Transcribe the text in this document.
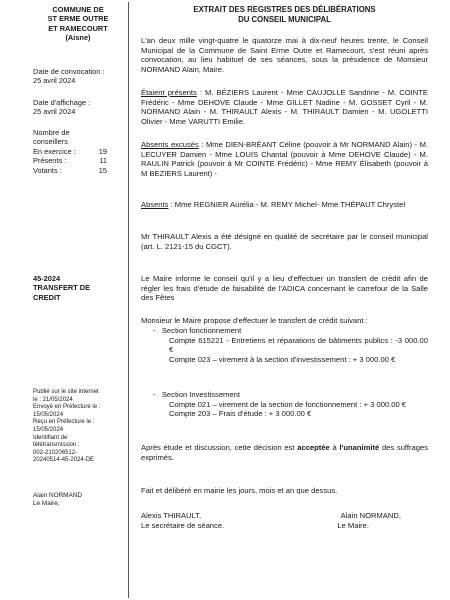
COMMUNE DE
ST ERME OUTRE
ET RAMECOURT
(Aisne)
Date de convocation :
25 avril 2024
Date d'affichage :
25 avril 2024
Nombre de
conseillers
En exercice :	19
Présents :	11
Votants :	15
45-2024
TRANSFERT DE
CREDIT
Publié sur le site internet
le : 21/05/2024
Envoyé en Préfecture le :
15/05/2024
Reçu en Préfecture le :
15/05/2024
Identifiant de
télétransmission :
002-210206512-
20240514-45-2024-DE
Alain NORMAND
Le Maire,
EXTRAIT DES REGISTRES DES DÉLIBÉRATIONS
DU CONSEIL MUNICIPAL

L'an deux mille vingt-quatre le quatorze mai à dix-neuf heures trente, le Conseil Municipal de la Commune de Saint Erme Outre et Ramecourt, s'est réuni après convocation, au lieu habituel de ses séances, sous la présidence de Monsieur NORMAND Alain, Maire.

Étaient présents : M. BÉZIERS Laurent - Mme CAUJOLLE Sandrine - M. COINTE Frédéric - Mme DEHOVE Claude - Mme GILLET Nadine - M. GOSSET Cyril - M. NORMAND Alain - M. THIRAULT Alexis - M. THIRAULT Damien - M. UGOLETTI Olivier - Mme VARUTTI Emilie.

Absents excusés : Mme DIEN-BRÉANT Céline (pouvoir à Mr NORMAND Alain) - M. LECUYER Damien - Mme LOUIS Chantal (pouvoir à Mme DEHOVE Claude) - M. RAULIN Patrick (pouvoir à Mr COINTE Frédéric) - Mme REMY Élisabeth (pouvoir à M BEZIERS Laurent) -

Absents : Mme REGNIER Aurélia - M. REMY Michel- Mme THÉPAUT Chrystel

Mr THIRAULT Alexis a été désigné en qualité de secrétaire par le conseil municipal (art. L. 2121-15 du CGCT).

Le Maire informe le conseil qu'il y a lieu d'effectuer un transfert de crédit afin de régler les frais d'étude de faisabilité de l'ADICA concernant le carrefour de la Salle des Fêtes

Monsieur le Maire propose d'effectuer le transfert de crédit suivant :

-   Section fonctionnement
Compte 615221 - Entretiens et réparations de bâtiments publics : -3 000.00 €
Compte 023 – virement à la section d'investissement : + 3 000.00 €
-   Section Investissement
Compte 021 – virement de la section de fonctionnement : + 3 000.00 €
Compte 203 – Frais d'étude : + 3 000.00 €

Après étude et discussion, cette décision est acceptée à l'unanimité des suffrages exprimés.

Fait et délibéré en mairie les jours, mois et an que dessus.

Alexis THIRAULT,	Alain NORMAND,
Le secrétaire de séance.	Le Maire.
